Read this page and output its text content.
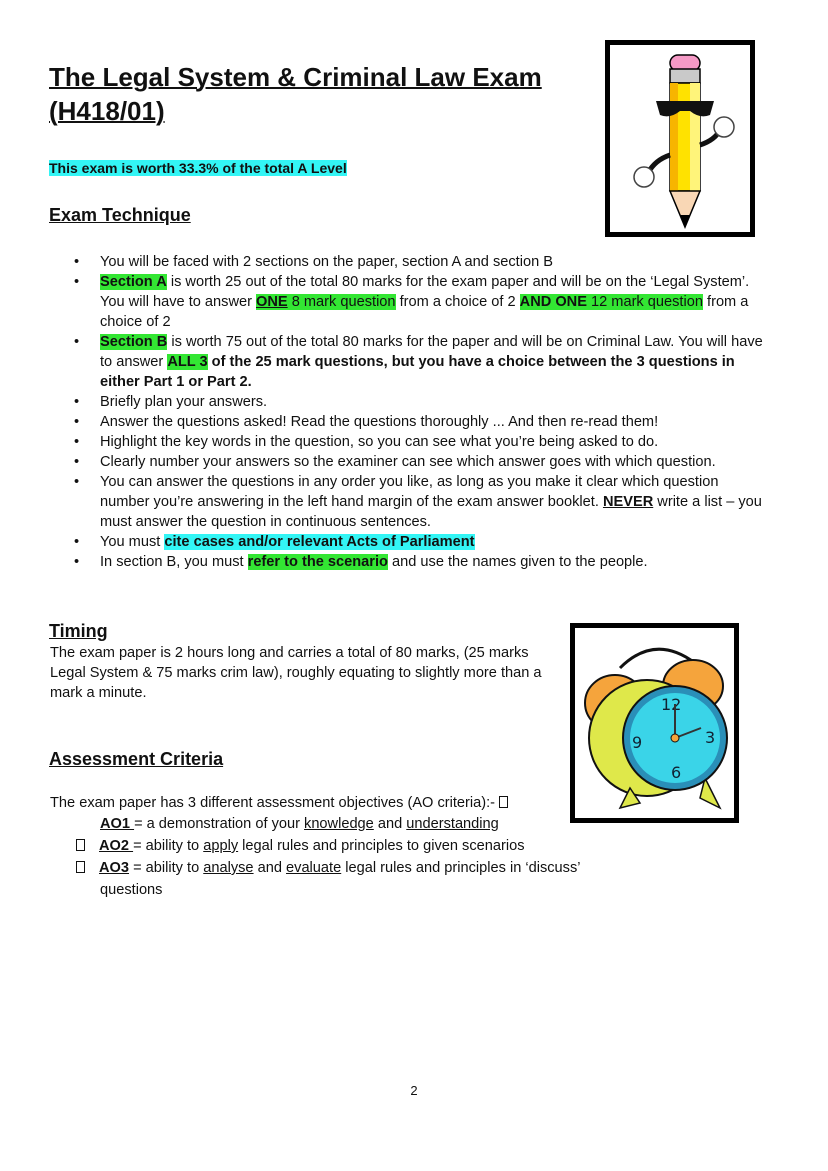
The Legal System & Criminal Law Exam (H418/01)
This exam is worth 33.3% of the total A Level
Exam Technique
• You will be faced with 2 sections on the paper, section A and section B
• Section A is worth 25 out of the total 80 marks for the exam paper and will be on the ‘Legal System’. You will have to answer ONE 8 mark question from a choice of 2 AND ONE 12 mark question from a choice of 2
• Section B is worth 75 out of the total 80 marks for the paper and will be on Criminal Law. You will have to answer ALL 3 of the 25 mark questions, but you have a choice between the 3 questions in either Part 1 or Part 2.
• Briefly plan your answers.
• Answer the questions asked! Read the questions thoroughly ... And then re-read them!
• Highlight the key words in the question, so you can see what you’re being asked to do.
• Clearly number your answers so the examiner can see which answer goes with which question.
• You can answer the questions in any order you like, as long as you make it clear which question number you’re answering in the left hand margin of the exam answer booklet. NEVER write a list – you must answer the question in continuous sentences.
• You must cite cases and/or relevant Acts of Parliament
• In section B, you must refer to the scenario and use the names given to the people.
Timing
The exam paper is 2 hours long and carries a total of 80 marks, (25 marks Legal System & 75 marks crim law), roughly equating to slightly more than a mark a minute.
Assessment Criteria
The exam paper has 3 different assessment objectives (AO criteria):-
AO1 = a demonstration of your knowledge and understanding
AO2 = ability to apply legal rules and principles to given scenarios
AO3 = ability to analyse and evaluate legal rules and principles in ‘discuss’ questions
12
3
6
9
2
